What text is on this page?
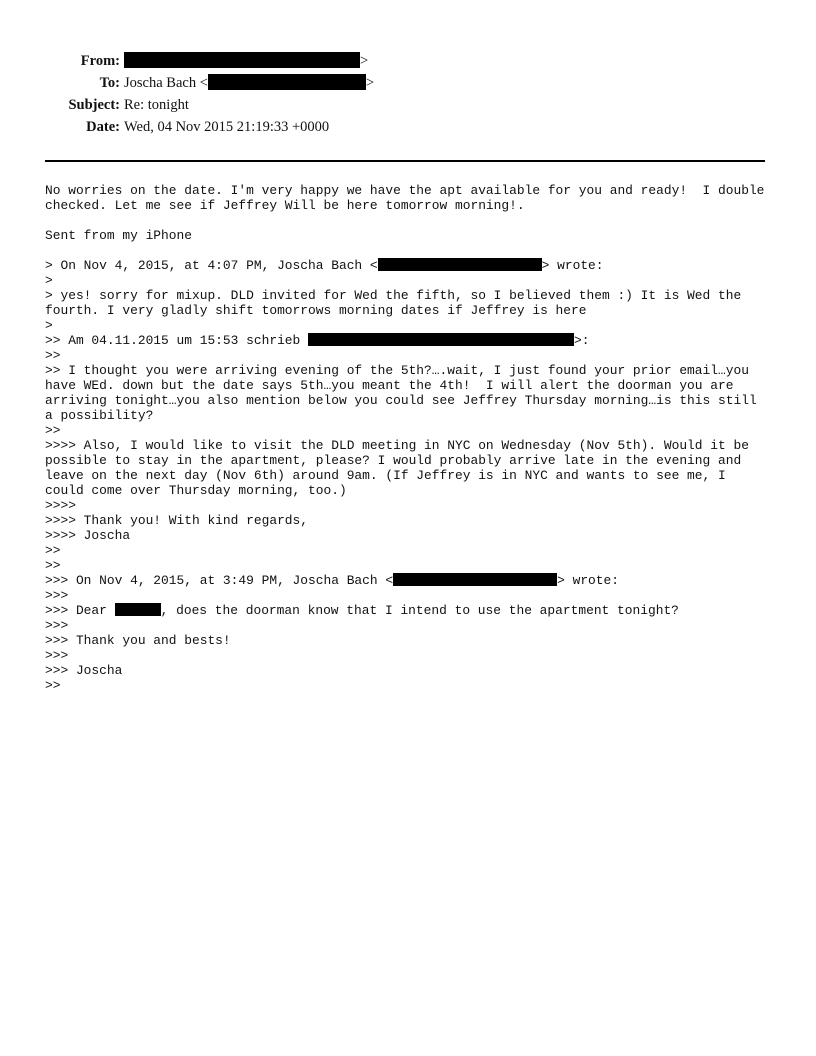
From:	>
To: Joscha Bach <	>
Subject: Re: tonight
Date: Wed, 04 Nov 2015 21:19:33 +0000
No worries on the date. I'm very happy we have the apt available for you and ready!  I double
checked. Let me see if Jeffrey Will be here tomorrow morning!.
Sent from my iPhone
> On Nov 4, 2015, at 4:07 PM, Joscha Bach <	> wrote:
>
> yes! sorry for mixup. DLD invited for Wed the fifth, so I believed them :) It is Wed the
fourth. I very gladly shift tomorrows morning dates if Jeffrey is here
>
>> Am 04.11.2015 um 15:53 schrieb	>:
>>
>> I thought you were arriving evening of the 5th?….wait, I just found your prior email…you
have WEd. down but the date says 5th…you meant the 4th!  I will alert the doorman you are
arriving tonight…you also mention below you could see Jeffrey Thursday morning…is this still
a possibility?
>>
>>>> Also, I would like to visit the DLD meeting in NYC on Wednesday (Nov 5th). Would it be
possible to stay in the apartment, please? I would probably arrive late in the evening and
leave on the next day (Nov 6th) around 9am. (If Jeffrey is in NYC and wants to see me, I
could come over Thursday morning, too.)
>>>>
>>>> Thank you! With kind regards,
>>>> Joscha
>>
>>
>>> On Nov 4, 2015, at 3:49 PM, Joscha Bach <	> wrote:
>>>
>>> Dear	, does the doorman know that I intend to use the apartment tonight?
>>>
>>> Thank you and bests!
>>>
>>> Joscha
>>
